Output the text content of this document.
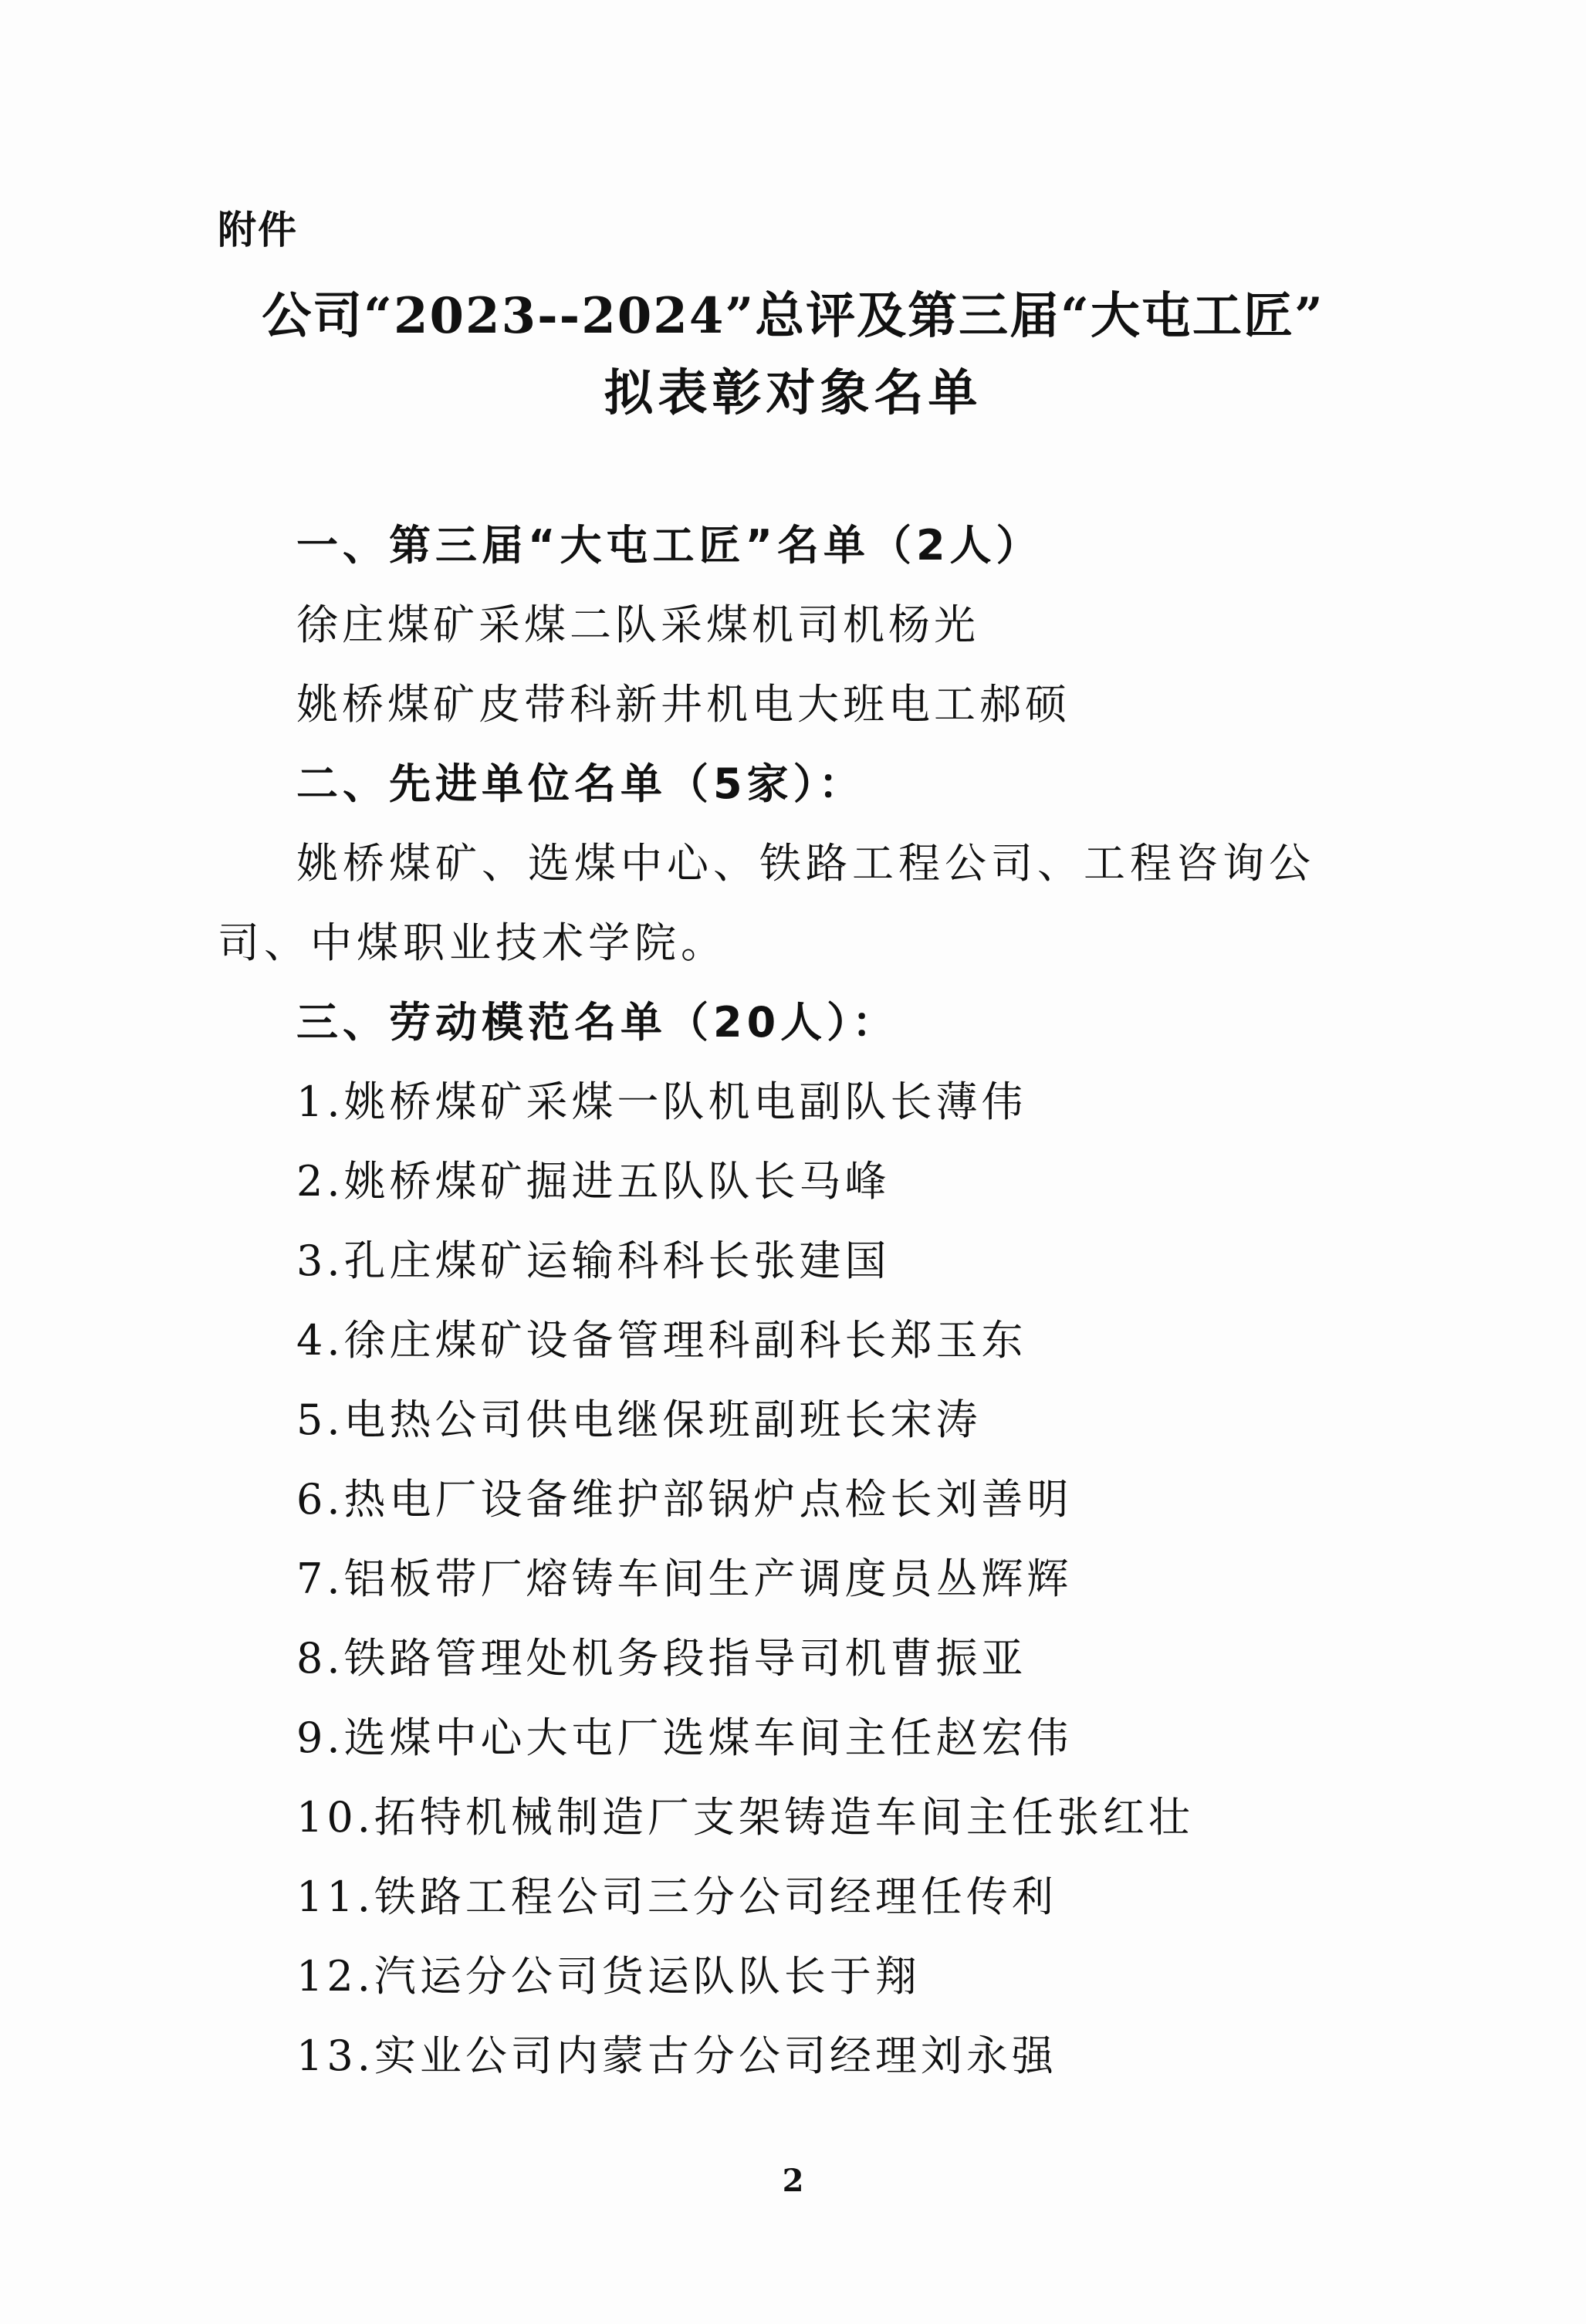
附件
公司“2023--2024”总评及第三届“大屯工匠”
拟表彰对象名单
一、第三届“大屯工匠”名单（2人）
徐庄煤矿采煤二队采煤机司机杨光
姚桥煤矿皮带科新井机电大班电工郝硕
二、先进单位名单（5家）：
姚桥煤矿、选煤中心、铁路工程公司、工程咨询公司、中煤职业技术学院。
三、劳动模范名单（20人）：
1.姚桥煤矿采煤一队机电副队长薄伟
2.姚桥煤矿掘进五队队长马峰
3.孔庄煤矿运输科科长张建国
4.徐庄煤矿设备管理科副科长郑玉东
5.电热公司供电继保班副班长宋涛
6.热电厂设备维护部锅炉点检长刘善明
7.铝板带厂熔铸车间生产调度员丛辉辉
8.铁路管理处机务段指导司机曹振亚
9.选煤中心大屯厂选煤车间主任赵宏伟
10.拓特机械制造厂支架铸造车间主任张红壮
11.铁路工程公司三分公司经理任传利
12.汽运分公司货运队队长于翔
13.实业公司内蒙古分公司经理刘永强
2
